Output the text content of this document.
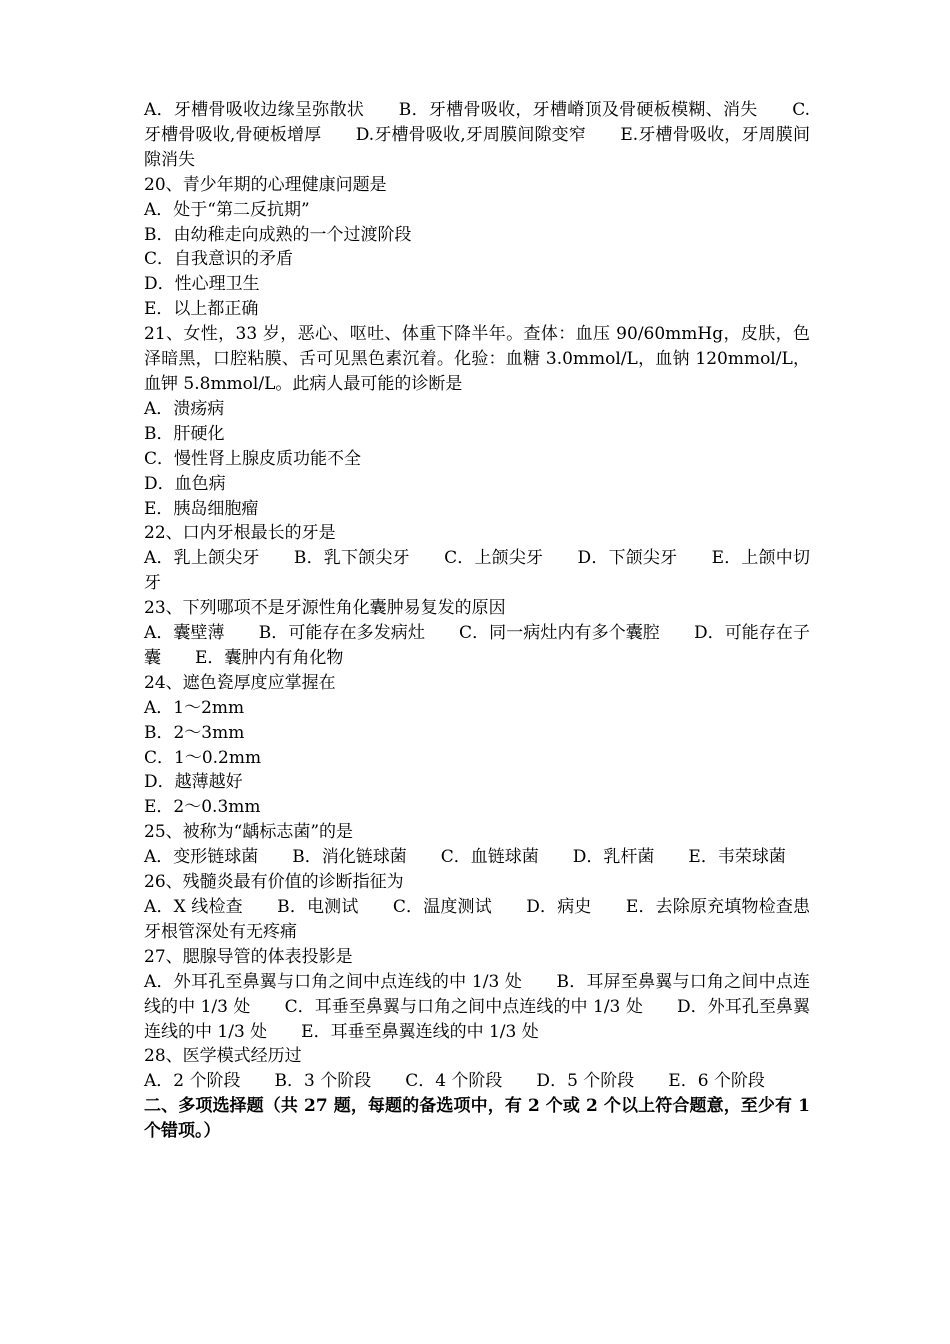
A．牙槽骨吸收边缘呈弥散状　　B．牙槽骨吸收，牙槽嵴顶及骨硬板模糊、消失　　C.牙槽骨吸收,骨硬板增厚　　D.牙槽骨吸收,牙周膜间隙变窄　　E.牙槽骨吸收，牙周膜间隙消失

20、青少年期的心理健康问题是

A．处于“第二反抗期”

B．由幼稚走向成熟的一个过渡阶段

C．自我意识的矛盾

D．性心理卫生

E．以上都正确

21、女性，33 岁，恶心、呕吐、体重下降半年。查体：血压 90/60mmHg，皮肤，色泽暗黑，口腔粘膜、舌可见黑色素沉着。化验：血糖 3.0mmol/L，血钠 120mmol/L，血钾 5.8mmol/L。此病人最可能的诊断是

A．溃疡病

B．肝硬化

C．慢性肾上腺皮质功能不全

D．血色病

E．胰岛细胞瘤

22、口内牙根最长的牙是

A．乳上颌尖牙　　B．乳下颌尖牙　　C．上颌尖牙　　D．下颌尖牙　　E．上颌中切牙

23、下列哪项不是牙源性角化囊肿易复发的原因

A．囊壁薄　　B．可能存在多发病灶　　C．同一病灶内有多个囊腔　　D．可能存在子囊　　E．囊肿内有角化物

24、遮色瓷厚度应掌握在

A．1～2mm

B．2～3mm

C．1～0.2mm

D．越薄越好

E．2～0.3mm

25、被称为“龋标志菌”的是

A．变形链球菌　　B．消化链球菌　　C．血链球菌　　D．乳杆菌　　E．韦荣球菌

26、残髓炎最有价值的诊断指征为

A．X 线检查　　B．电测试　　C．温度测试　　D．病史　　E．去除原充填物检查患牙根管深处有无疼痛

27、腮腺导管的体表投影是

A．外耳孔至鼻翼与口角之间中点连线的中 1/3 处　　B．耳屏至鼻翼与口角之间中点连线的中 1/3 处　　C．耳垂至鼻翼与口角之间中点连线的中 1/3 处　　D．外耳孔至鼻翼连线的中 1/3 处　　E．耳垂至鼻翼连线的中 1/3 处

28、医学模式经历过

A．2 个阶段　　B．3 个阶段　　C．4 个阶段　　D．5 个阶段　　E．6 个阶段

二、多项选择题（共 27 题，每题的备选项中，有 2 个或 2 个以上符合题意，至少有 1 个错项。）
